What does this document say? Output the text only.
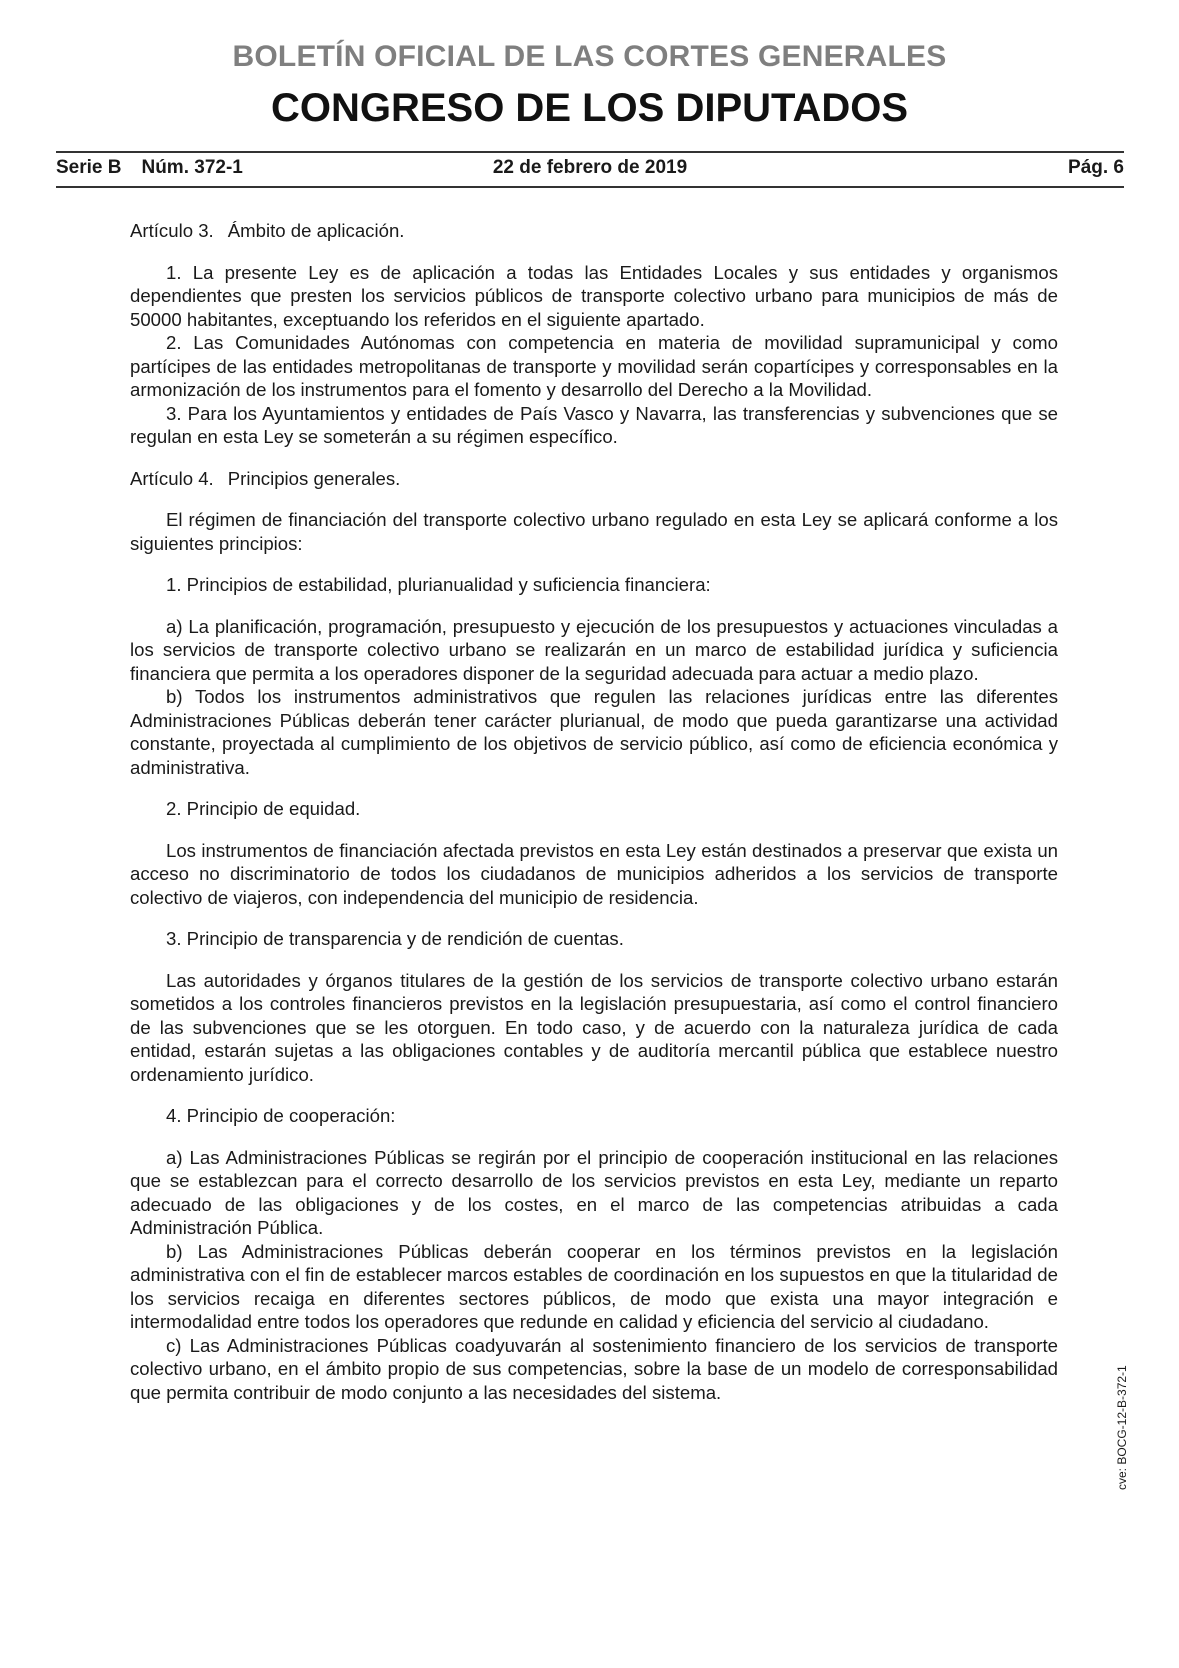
BOLETÍN OFICIAL DE LAS CORTES GENERALES
CONGRESO DE LOS DIPUTADOS
Serie B Núm. 372-1	22 de febrero de 2019	Pág. 6

Artículo 3. Ámbito de aplicación.

1. La presente Ley es de aplicación a todas las Entidades Locales y sus entidades y organismos dependientes que presten los servicios públicos de transporte colectivo urbano para municipios de más de 50000 habitantes, exceptuando los referidos en el siguiente apartado.

2. Las Comunidades Autónomas con competencia en materia de movilidad supramunicipal y como partícipes de las entidades metropolitanas de transporte y movilidad serán copartícipes y corresponsables en la armonización de los instrumentos para el fomento y desarrollo del Derecho a la Movilidad.

3. Para los Ayuntamientos y entidades de País Vasco y Navarra, las transferencias y subvenciones que se regulan en esta Ley se someterán a su régimen específico.

Artículo 4. Principios generales.

El régimen de financiación del transporte colectivo urbano regulado en esta Ley se aplicará conforme a los siguientes principios:

1. Principios de estabilidad, plurianualidad y suficiencia financiera:

a) La planificación, programación, presupuesto y ejecución de los presupuestos y actuaciones vinculadas a los servicios de transporte colectivo urbano se realizarán en un marco de estabilidad jurídica y suficiencia financiera que permita a los operadores disponer de la seguridad adecuada para actuar a medio plazo.

b) Todos los instrumentos administrativos que regulen las relaciones jurídicas entre las diferentes Administraciones Públicas deberán tener carácter plurianual, de modo que pueda garantizarse una actividad constante, proyectada al cumplimiento de los objetivos de servicio público, así como de eficiencia económica y administrativa.

2. Principio de equidad.

Los instrumentos de financiación afectada previstos en esta Ley están destinados a preservar que exista un acceso no discriminatorio de todos los ciudadanos de municipios adheridos a los servicios de transporte colectivo de viajeros, con independencia del municipio de residencia.

3. Principio de transparencia y de rendición de cuentas.

Las autoridades y órganos titulares de la gestión de los servicios de transporte colectivo urbano estarán sometidos a los controles financieros previstos en la legislación presupuestaria, así como el control financiero de las subvenciones que se les otorguen. En todo caso, y de acuerdo con la naturaleza jurídica de cada entidad, estarán sujetas a las obligaciones contables y de auditoría mercantil pública que establece nuestro ordenamiento jurídico.

4. Principio de cooperación:

a) Las Administraciones Públicas se regirán por el principio de cooperación institucional en las relaciones que se establezcan para el correcto desarrollo de los servicios previstos en esta Ley, mediante un reparto adecuado de las obligaciones y de los costes, en el marco de las competencias atribuidas a cada Administración Pública.

b) Las Administraciones Públicas deberán cooperar en los términos previstos en la legislación administrativa con el fin de establecer marcos estables de coordinación en los supuestos en que la titularidad de los servicios recaiga en diferentes sectores públicos, de modo que exista una mayor integración e intermodalidad entre todos los operadores que redunde en calidad y eficiencia del servicio al ciudadano.

c) Las Administraciones Públicas coadyuvarán al sostenimiento financiero de los servicios de transporte colectivo urbano, en el ámbito propio de sus competencias, sobre la base de un modelo de corresponsabilidad que permita contribuir de modo conjunto a las necesidades del sistema.	cve: BOCG-12-B-372-1
